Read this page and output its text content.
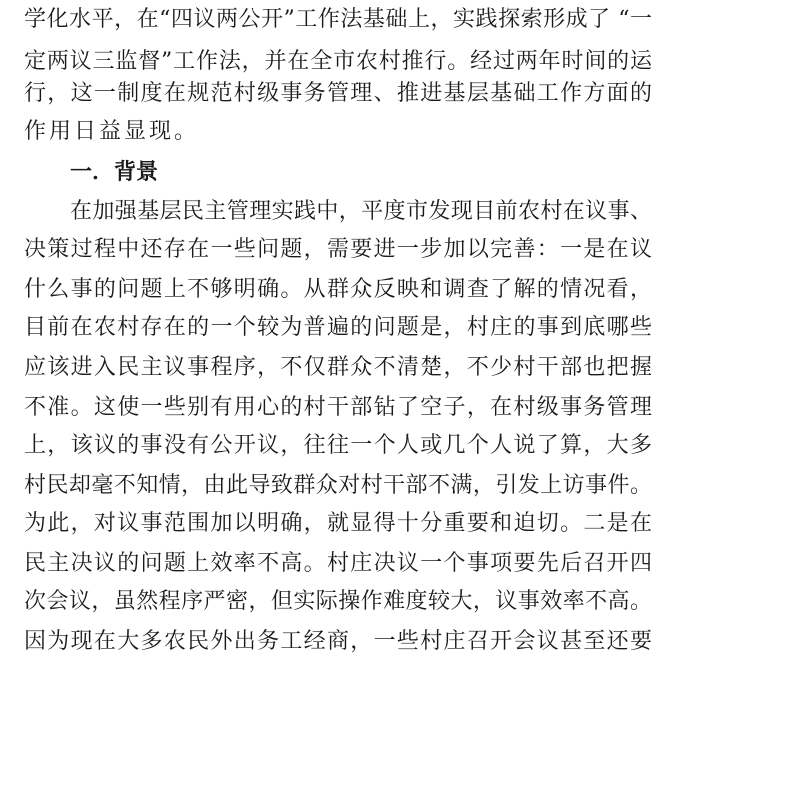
学化水平，在“四议两公开”工作法基础上，实践探索形成了 “一
定两议三监督”工作法，并在全市农村推行。经过两年时间的运
行，这一制度在规范村级事务管理、推进基层基础工作方面的
作用日益显现。
一．背景
在加强基层民主管理实践中，平度市发现目前农村在议事、
决策过程中还存在一些问题，需要进一步加以完善：一是在议
什么事的问题上不够明确。从群众反映和调查了解的情况看，
目前在农村存在的一个较为普遍的问题是，村庄的事到底哪些
应该进入民主议事程序，不仅群众不清楚，不少村干部也把握
不准。这使一些别有用心的村干部钻了空子，在村级事务管理
上，该议的事没有公开议，往往一个人或几个人说了算，大多
村民却毫不知情，由此导致群众对村干部不满，引发上访事件。
为此，对议事范围加以明确，就显得十分重要和迫切。二是在
民主决议的问题上效率不高。村庄决议一个事项要先后召开四
次会议，虽然程序严密，但实际操作难度较大，议事效率不高。
因为现在大多农民外出务工经商，一些村庄召开会议甚至还要
